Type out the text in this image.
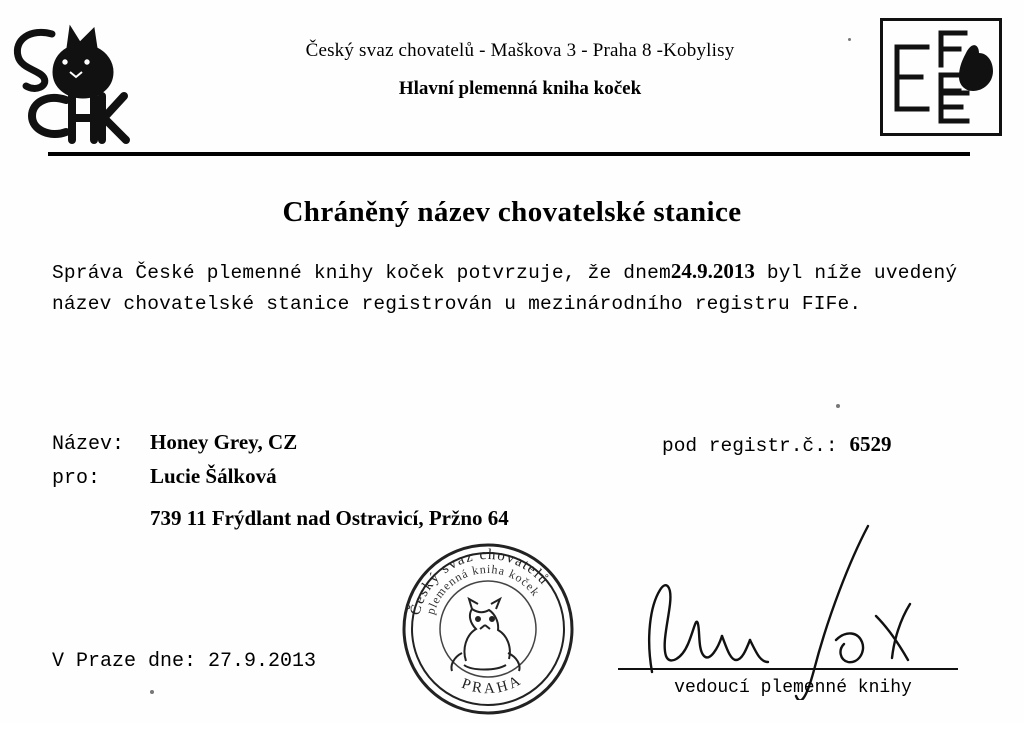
Český svaz chovatelů - Maškova 3 - Praha 8 -Kobylisy
Hlavní plemenná kniha koček
Chráněný název chovatelské stanice
Správa České plemenné knihy koček potvrzuje, že dnem24.9.2013 byl níže uvedený název chovatelské stanice registrován u mezinárodního registru FIFe.
Název: Honey Grey, CZ	pod registr.č.: 6529
pro: Lucie Šálková
739 11 Frýdlant nad Ostravicí, Pržno 64
Český svaz chovatelů
plemenná kniha koček
PRAHA	vedoucí plemenné knihy
V Praze dne: 27.9.2013
